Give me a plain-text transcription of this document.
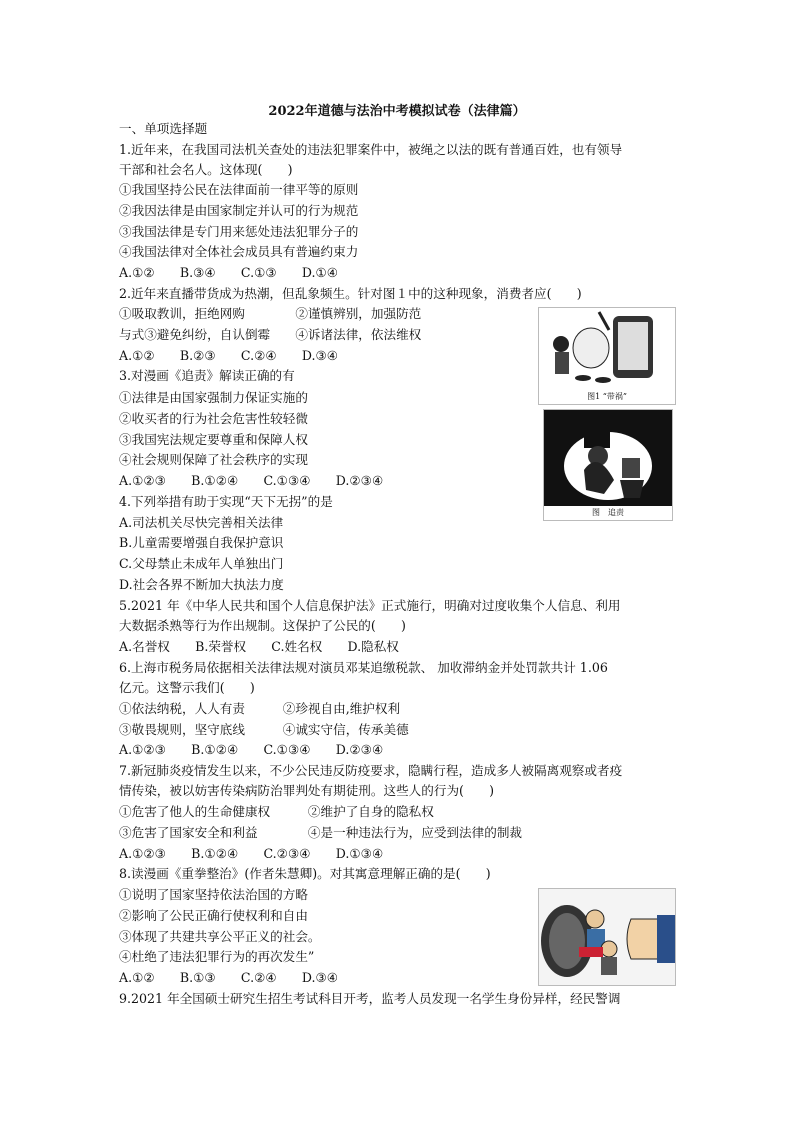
2022年道德与法治中考模拟试卷（法律篇）
一、单项选择题
1.近年来，在我国司法机关查处的违法犯罪案件中，被绳之以法的既有普通百姓，也有领导
干部和社会名人。这体现(　　)
①我国坚持公民在法律面前一律平等的原则
②我因法律是由国家制定并认可的行为规范
③我国法律是专门用来惩处违法犯罪分子的
④我国法律对全体社会成员具有普遍约束力
A.①②　　B.③④　　C.①③　　D.①④
2.近年来直播带货成为热潮，但乱象频生。针对图１中的这种现象，消费者应(　　)
①吸取教训，拒绝网购　　　　②谨慎辨别，加强防范
与式③避免纠纷，自认倒霉　　④诉诸法律，依法维权
A.①②　　B.②③　　C.②④　　D.③④
3.对漫画《追责》解读正确的有
①法律是由国家强制力保证实施的
②收买者的行为社会危害性较轻微
③我国宪法规定要尊重和保障人权
④社会规则保障了社会秩序的实现
A.①②③　　B.①②④　　C.①③④　　D.②③④
4.下列举措有助于实现“天下无拐”的是
A.司法机关尽快完善相关法律
B.儿童需要增强自我保护意识
C.父母禁止未成年人单独出门
D.社会各界不断加大执法力度
5.2021 年《中华人民共和国个人信息保护法》正式施行，明确对过度收集个人信息、利用
大数据杀熟等行为作出规制。这保护了公民的(　　)
A.名誉权　　B.荣誉权　　C.姓名权　　D.隐私权
6.上海市税务局依据相关法律法规对演员邓某追缴税款、 加收滞纳金并处罚款共计 1.06
亿元。这警示我们(　　)
①依法纳税，人人有责　　　②珍视自由,维护权利
③敬畏规则，坚守底线　　　④诚实守信，传承美德
A.①②③　　B.①②④　　C.①③④　　D.②③④
7.新冠肺炎疫情发生以来，不少公民违反防疫要求，隐瞒行程，造成多人被隔离观察或者疫
情传染，被以妨害传染病防治罪判处有期徒刑。这些人的行为(　　)
①危害了他人的生命健康权　　　②维护了自身的隐私权
③危害了国家安全和利益　　　　④是一种违法行为，应受到法律的制裁
A.①②③　　B.①②④　　C.②③④　　D.①③④
8.读漫画《重拳整治》(作者朱慧卿)。对其寓意理解正确的是(　　)
①说明了国家坚持依法治国的方略
②影响了公民正确行使权利和自由
③体现了共建共享公平正义的社会。
④杜绝了违法犯罪行为的再次发生”
A.①②　　B.①③　　C.②④　　D.③④
9.2021 年全国硕士研究生招生考试科目开考，监考人员发现一名学生身份异样，经民警调
图1 “带祸”
图　追责
